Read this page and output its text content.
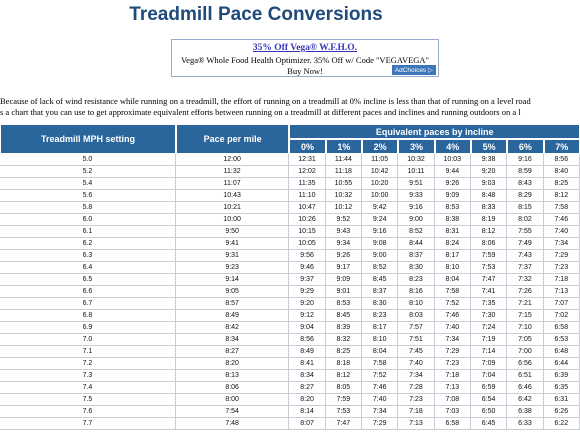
Treadmill Pace Conversions
35% Off Vega® W.F.H.O.
Vega® Whole Food Health Optimizer. 35% Off w/ Code "VEGAVEGA"
Buy Now!	AdChoices ▷
Because of lack of wind resistance while running on a treadmill, the effort of running on a treadmill at 0% incline is less than that of running on a level road
s a chart that you can use to get approximate equivalent efforts between running on a treadmill at different paces and inclines and running outdoors on a l
Treadmill MPH setting	Pace per mile	Equivalent paces by incline							
		0%	1%	2%	3%	4%	5%	6%	7%
5.0	12:00	12:31	11:44	11:05	10:32	10:03	9:38	9:16	8:56
5.2	11:32	12:02	11:18	10:42	10:11	9:44	9:20	8:59	8:40
5.4	11:07	11:35	10:55	10:20	9:51	9:26	9:03	8:43	8:25
5.6	10:43	11:10	10:32	10:00	9:33	9:09	8:48	8:29	8:12
5.8	10:21	10:47	10:12	9:42	9:16	8:53	8:33	8:15	7:58
6.0	10:00	10:26	9:52	9:24	9:00	8:38	8:19	8:02	7:46
6.1	9:50	10:15	9:43	9:16	8:52	8:31	8:12	7:55	7:40
6.2	9:41	10:05	9:34	9:08	8:44	8:24	8:06	7:49	7:34
6.3	9:31	9:56	9:26	9:00	8:37	8:17	7:59	7:43	7:29
6.4	9:23	9:46	9:17	8:52	8:30	8:10	7:53	7:37	7:23
6.5	9:14	9:37	9:09	8:45	8:23	8:04	7:47	7:32	7:18
6.6	9:05	9:29	9:01	8:37	8:16	7:58	7:41	7:26	7:13
6.7	8:57	9:20	8:53	8:30	8:10	7:52	7:35	7:21	7:07
6.8	8:49	9:12	8:45	8:23	8:03	7:46	7:30	7:15	7:02
6.9	8:42	9:04	8:39	8:17	7:57	7:40	7:24	7:10	6:58
7.0	8:34	8:56	8:32	8:10	7:51	7:34	7:19	7:05	6:53
7.1	8:27	8:49	8:25	8:04	7:45	7:29	7:14	7:00	6:48
7.2	8:20	8:41	8:18	7:58	7:40	7:23	7:09	6:56	6:44
7.3	8:13	8:34	8:12	7:52	7:34	7:18	7:04	6:51	6:39
7.4	8:06	8:27	8:05	7:46	7:28	7:13	6:59	6:46	6:35
7.5	8:00	8:20	7:59	7:40	7:23	7:08	6:54	6:42	6:31
7.6	7:54	8:14	7:53	7:34	7:18	7:03	6:50	6:38	6:26
7.7	7:48	8:07	7:47	7:29	7:13	6:58	6:45	6:33	6:22
